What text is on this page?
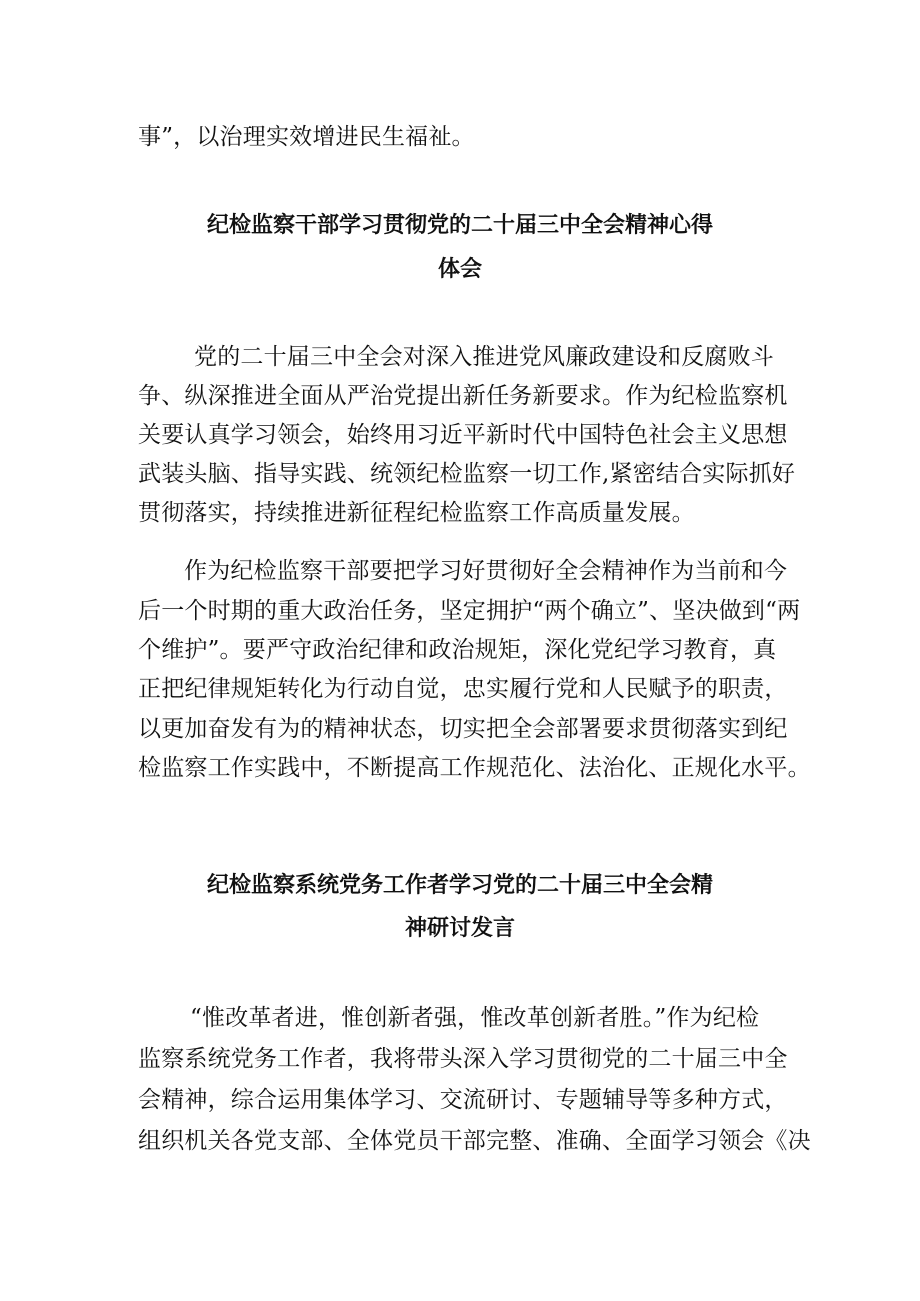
事”，以治理实效增进民生福祉。
纪检监察干部学习贯彻党的二十届三中全会精神心得
体会
党的二十届三中全会对深入推进党风廉政建设和反腐败斗
争、纵深推进全面从严治党提出新任务新要求。作为纪检监察机
关要认真学习领会，始终用习近平新时代中国特色社会主义思想
武装头脑、指导实践、统领纪检监察一切工作,紧密结合实际抓好
贯彻落实，持续推进新征程纪检监察工作高质量发展。
作为纪检监察干部要把学习好贯彻好全会精神作为当前和今
后一个时期的重大政治任务，坚定拥护“两个确立”、坚决做到“两
个维护”。要严守政治纪律和政治规矩，深化党纪学习教育，真
正把纪律规矩转化为行动自觉，忠实履行党和人民赋予的职责，
以更加奋发有为的精神状态，切实把全会部署要求贯彻落实到纪
检监察工作实践中，不断提高工作规范化、法治化、正规化水平。
纪检监察系统党务工作者学习党的二十届三中全会精
神研讨发言
“惟改革者进，惟创新者强，惟改革创新者胜。”作为纪检
监察系统党务工作者，我将带头深入学习贯彻党的二十届三中全
会精神，综合运用集体学习、交流研讨、专题辅导等多种方式，
组织机关各党支部、全体党员干部完整、准确、全面学习领会《决
